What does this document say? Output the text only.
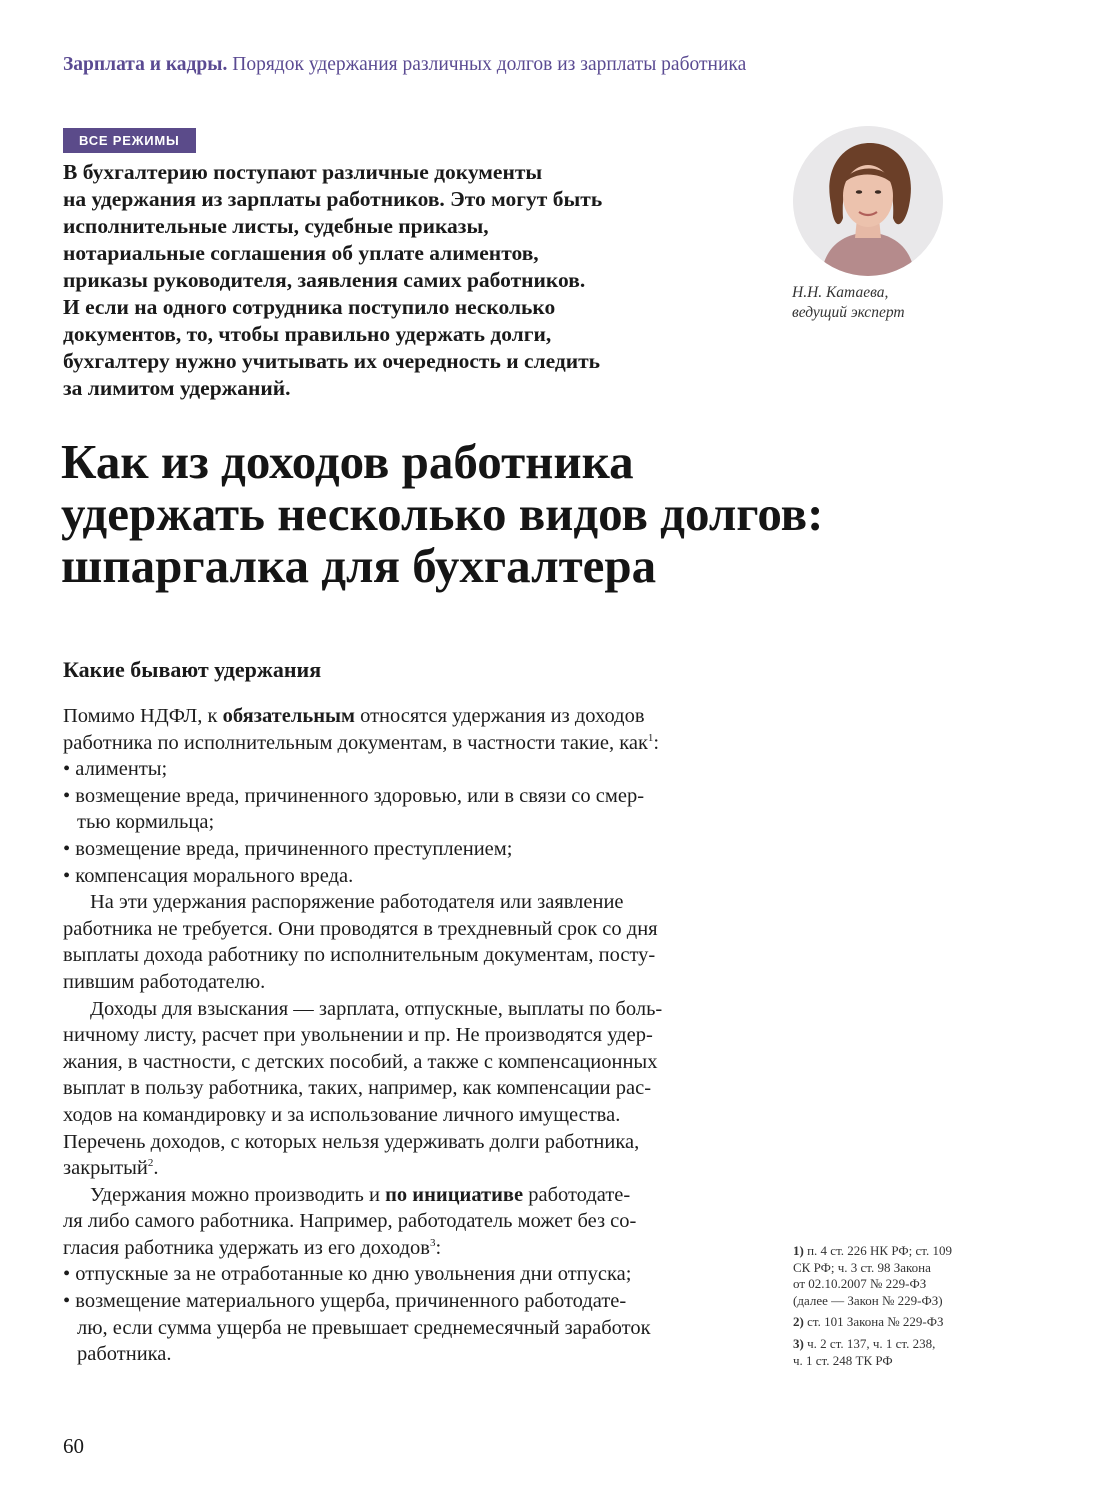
Зарплата и кадры. Порядок удержания различных долгов из зарплаты работника
ВСЕ РЕЖИМЫ

В бухгалтерию поступают различные документы
на удержания из зарплаты работников. Это могут быть
исполнительные листы, судебные приказы,
нотариальные соглашения об уплате алиментов,
приказы руководителя, заявления самих работников.
И если на одного сотрудника поступило несколько
документов, то, чтобы правильно удержать долги,
бухгалтеру нужно учитывать их очередность и следить
за лимитом удержаний.

Н.Н. Катаева,
ведущий эксперт
Как из доходов работника
удержать несколько видов долгов:
шпаргалка для бухгалтера
Какие бывают удержания
Помимо НДФЛ, к обязательным относятся удержания из доходов
работника по исполнительным документам, в частности такие, как$^1$:
• алименты;
• возмещение вреда, причиненного здоровью, или в связи со смер-
тью кормильца;
• возмещение вреда, причиненного преступлением;
• компенсация морального вреда.
На эти удержания распоряжение работодателя или заявление
работника не требуется. Они проводятся в трехдневный срок со дня
выплаты дохода работнику по исполнительным документам, посту-
пившим работодателю.
Доходы для взыскания — зарплата, отпускные, выплаты по боль-
ничному листу, расчет при увольнении и пр. Не производятся удер-
жания, в частности, с детских пособий, а также с компенсационных
выплат в пользу работника, таких, например, как компенсации рас-
ходов на командировку и за использование личного имущества.
Перечень доходов, с которых нельзя удерживать долги работника,
закрытый$^2$.
Удержания можно производить и по инициативе работодате-
ля либо самого работника. Например, работодатель может без со-
гласия работника удержать из его доходов$^3$:
• отпускные за не отработанные ко дню увольнения дни отпуска;
• возмещение материального ущерба, причиненного работодате-
лю, если сумма ущерба не превышает среднемесячный заработок
работника.
1) п. 4 ст. 226 НК РФ; ст. 109
СК РФ; ч. 3 ст. 98 Закона
от 02.10.2007 № 229-ФЗ
(далее — Закон № 229-ФЗ)
2) ст. 101 Закона № 229-ФЗ
3) ч. 2 ст. 137, ч. 1 ст. 238,
ч. 1 ст. 248 ТК РФ
60
